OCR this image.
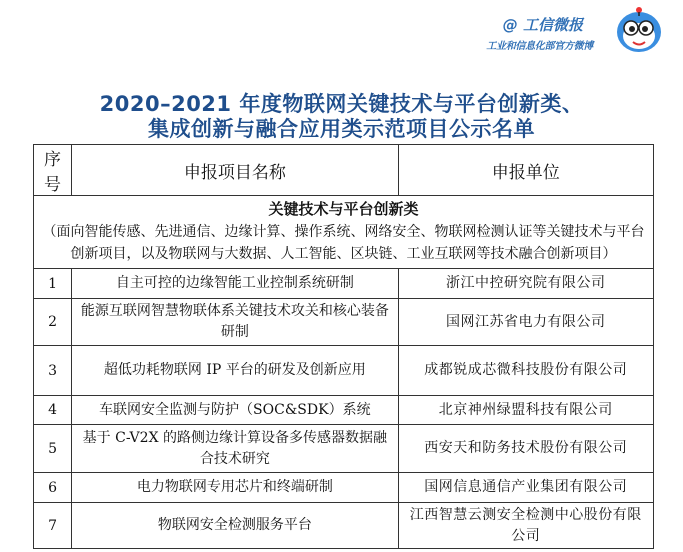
@ 工信微报
工业和信息化部官方微博
2020–2021 年度物联网关键技术与平台创新类、
集成创新与融合应用类示范项目公示名单
序号	申报项目名称	申报单位
关键技术与平台创新类
（面向智能传感、先进通信、边缘计算、操作系统、网络安全、物联网检测认证等关键技术与平台创新项目，以及物联网与大数据、人工智能、区块链、工业互联网等技术融合创新项目）		
1	自主可控的边缘智能工业控制系统研制	浙江中控研究院有限公司
2	能源互联网智慧物联体系关键技术攻关和核心装备研制	国网江苏省电力有限公司
3	超低功耗物联网 IP 平台的研发及创新应用	成都锐成芯微科技股份有限公司
4	车联网安全监测与防护（SOC&SDK）系统	北京神州绿盟科技有限公司
5	基于 C-V2X 的路侧边缘计算设备多传感器数据融合技术研究	西安天和防务技术股份有限公司
6	电力物联网专用芯片和终端研制	国网信息通信产业集团有限公司
7	物联网安全检测服务平台	江西智慧云测安全检测中心股份有限公司
